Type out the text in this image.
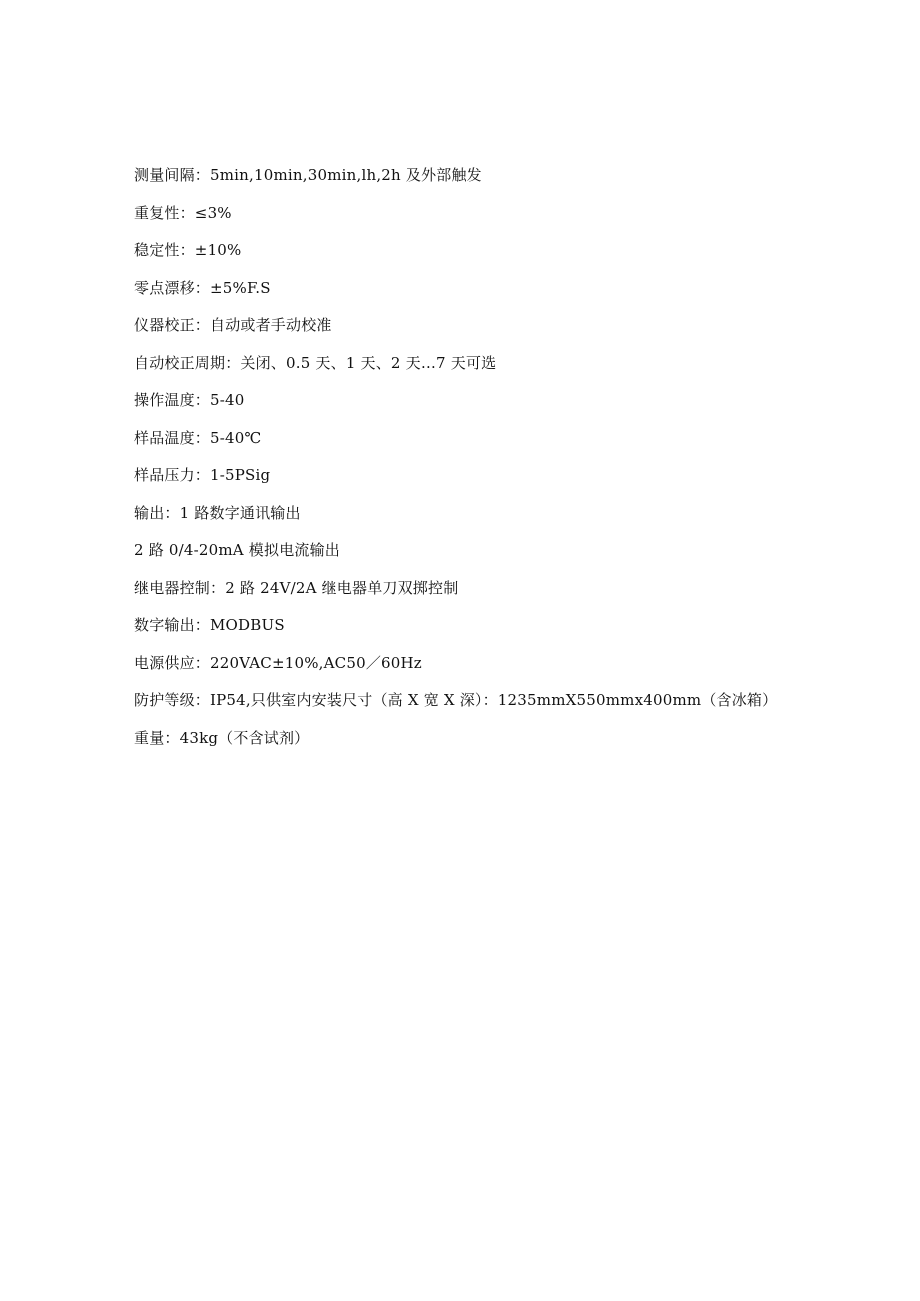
测量间隔：5min,10min,30min,lh,2h 及外部触发
重复性：≤3%
稳定性：±10%
零点漂移：±5%F.S
仪器校正：自动或者手动校准
自动校正周期：关闭、0.5 天、1 天、2 天…7 天可选
操作温度：5-40
样品温度：5-40℃
样品压力：1-5PSig
输出：1 路数字通讯输出
2 路 0/4-20mA 模拟电流输出
继电器控制：2 路 24V/2A 继电器单刀双掷控制
数字输出：MODBUS
电源供应：220VAC±10%,AC50／60Hz
防护等级：IP54,只供室内安装尺寸（高 X 宽 X 深）：1235mmX550mmx400mm（含冰箱）
重量：43kg（不含试剂）
